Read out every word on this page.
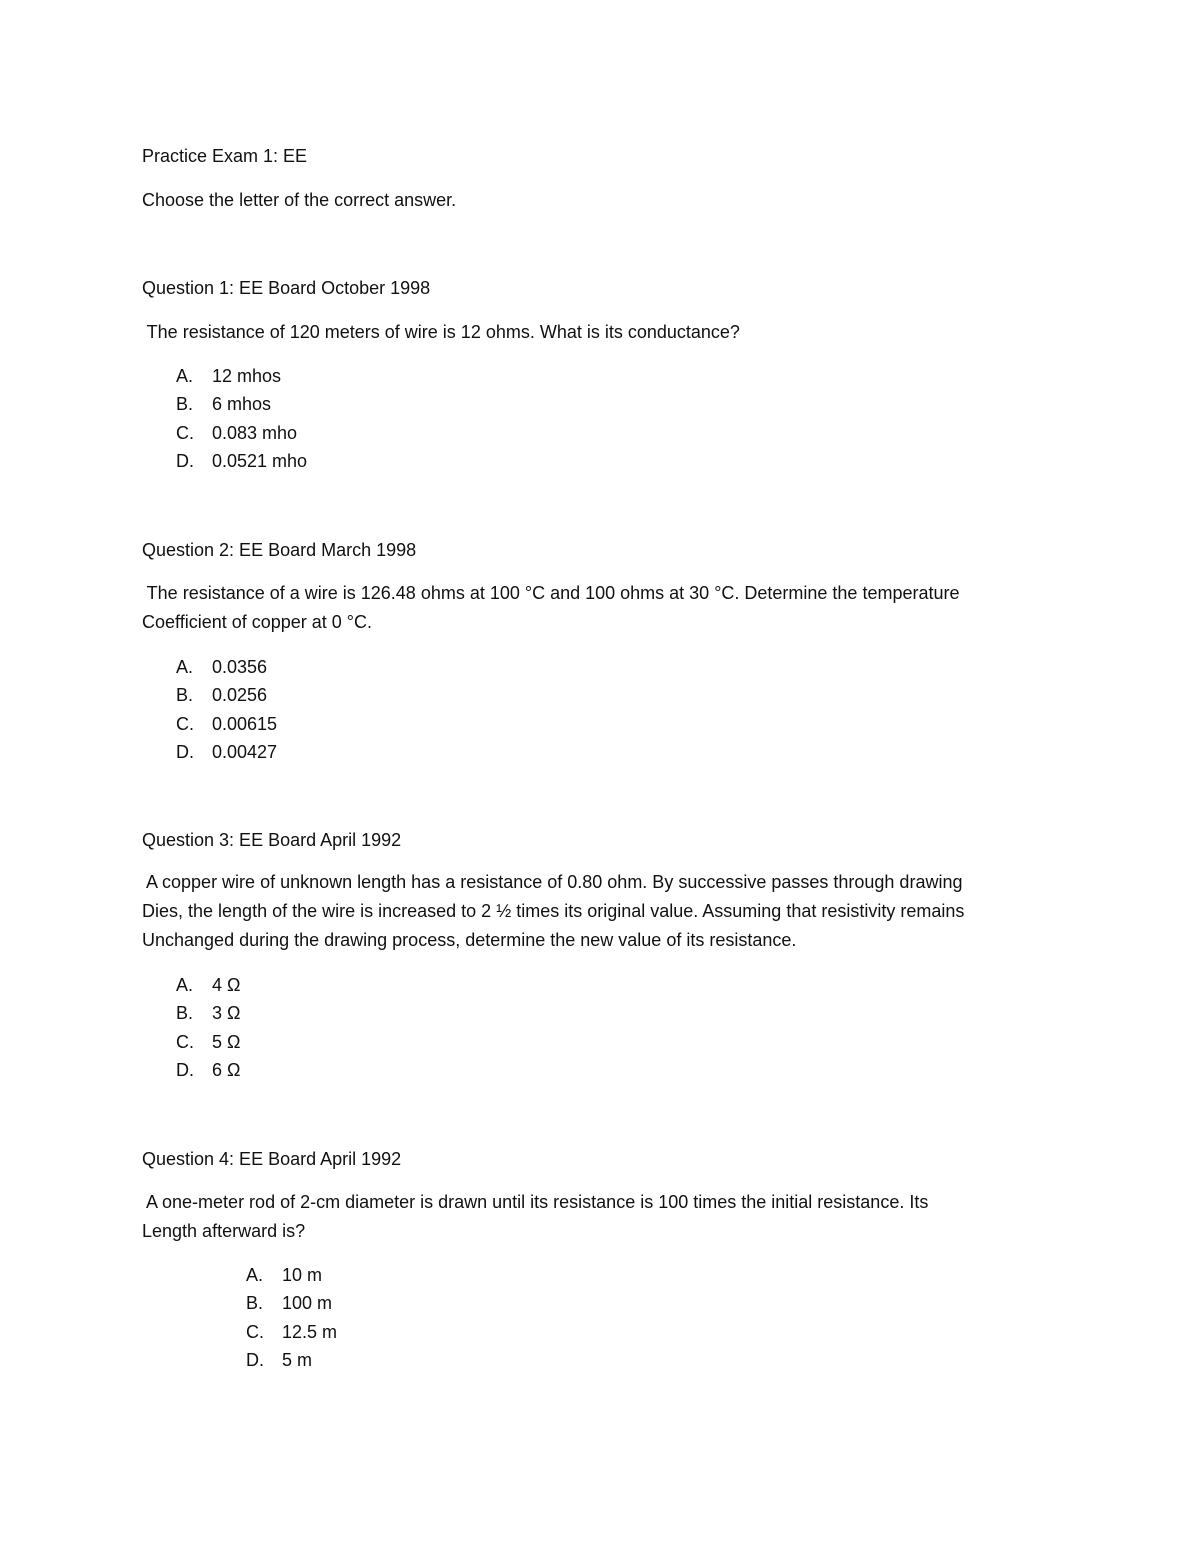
Practice Exam 1: EE
Choose the letter of the correct answer.
Question 1: EE Board October 1998
The resistance of 120 meters of wire is 12 ohms. What is its conductance?
A. 12 mhos
B. 6 mhos
C. 0.083 mho
D. 0.0521 mho
Question 2: EE Board March 1998
The resistance of a wire is 126.48 ohms at 100 °C and 100 ohms at 30 °C. Determine the temperature
Coefficient of copper at 0 °C.
A. 0.0356
B. 0.0256
C. 0.00615
D. 0.00427
Question 3: EE Board April 1992
A copper wire of unknown length has a resistance of 0.80 ohm. By successive passes through drawing
Dies, the length of the wire is increased to 2 ½ times its original value. Assuming that resistivity remains
Unchanged during the drawing process, determine the new value of its resistance.
A. 4 Ω
B. 3 Ω
C. 5 Ω
D. 6 Ω
Question 4: EE Board April 1992
A one-meter rod of 2-cm diameter is drawn until its resistance is 100 times the initial resistance. Its
Length afterward is?
A. 10 m
B. 100 m
C. 12.5 m
D. 5 m
